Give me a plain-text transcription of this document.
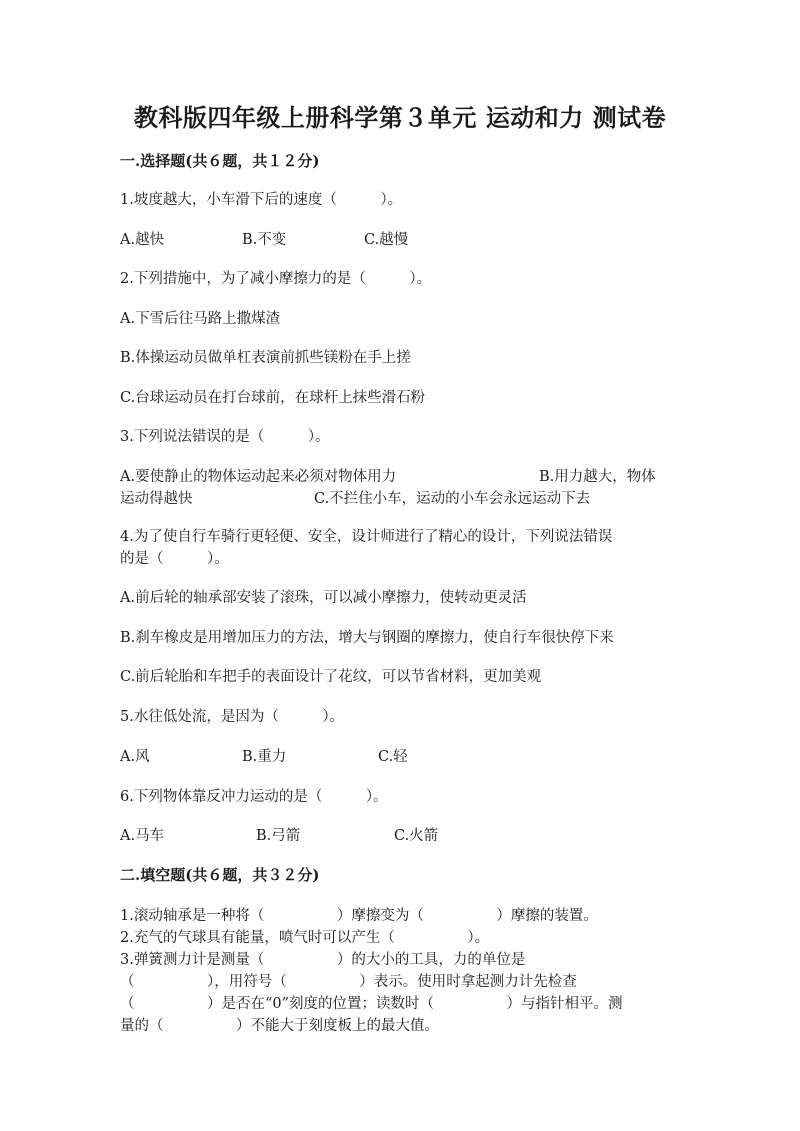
教科版四年级上册科学第３单元 运动和力 测试卷
一.选择题(共６题，共１２分)
1.坡度越大，小车滑下后的速度（　　　）。
A.越快	B.不变	C.越慢
2.下列措施中，为了减小摩擦力的是（　　　）。
A.下雪后往马路上撒煤渣
B.体操运动员做单杠表演前抓些镁粉在手上搓
C.台球运动员在打台球前，在球杆上抹些滑石粉
3.下列说法错误的是（　　　）。
A.要使静止的物体运动起来必须对物体用力	B.用力越大，物体
运动得越快	C.不拦住小车，运动的小车会永远运动下去
4.为了使自行车骑行更轻便、安全，设计师进行了精心的设计，下列说法错误
的是（　　　）。
A.前后轮的轴承部安装了滚珠，可以减小摩擦力，使转动更灵活
B.刹车橡皮是用增加压力的方法，增大与钢圈的摩擦力，使自行车很快停下来
C.前后轮胎和车把手的表面设计了花纹，可以节省材料，更加美观
5.水往低处流，是因为（　　　）。
A.风	B.重力	C.轻
6.下列物体靠反冲力运动的是（　　　）。
A.马车	B.弓箭	C.火箭
二.填空题(共６题，共３２分)
1.滚动轴承是一种将（　　　　　）摩擦变为（　　　　　）摩擦的装置。
2.充气的气球具有能量，喷气时可以产生（　　　　　）。
3.弹簧测力计是测量（　　　　　）的大小的工具，力的单位是
（　　　　　），用符号（　　　　　）表示。使用时拿起测力计先检查
（　　　　　）是否在“0”刻度的位置；读数时（　　　　　）与指针相平。测
量的（　　　　　）不能大于刻度板上的最大值。
